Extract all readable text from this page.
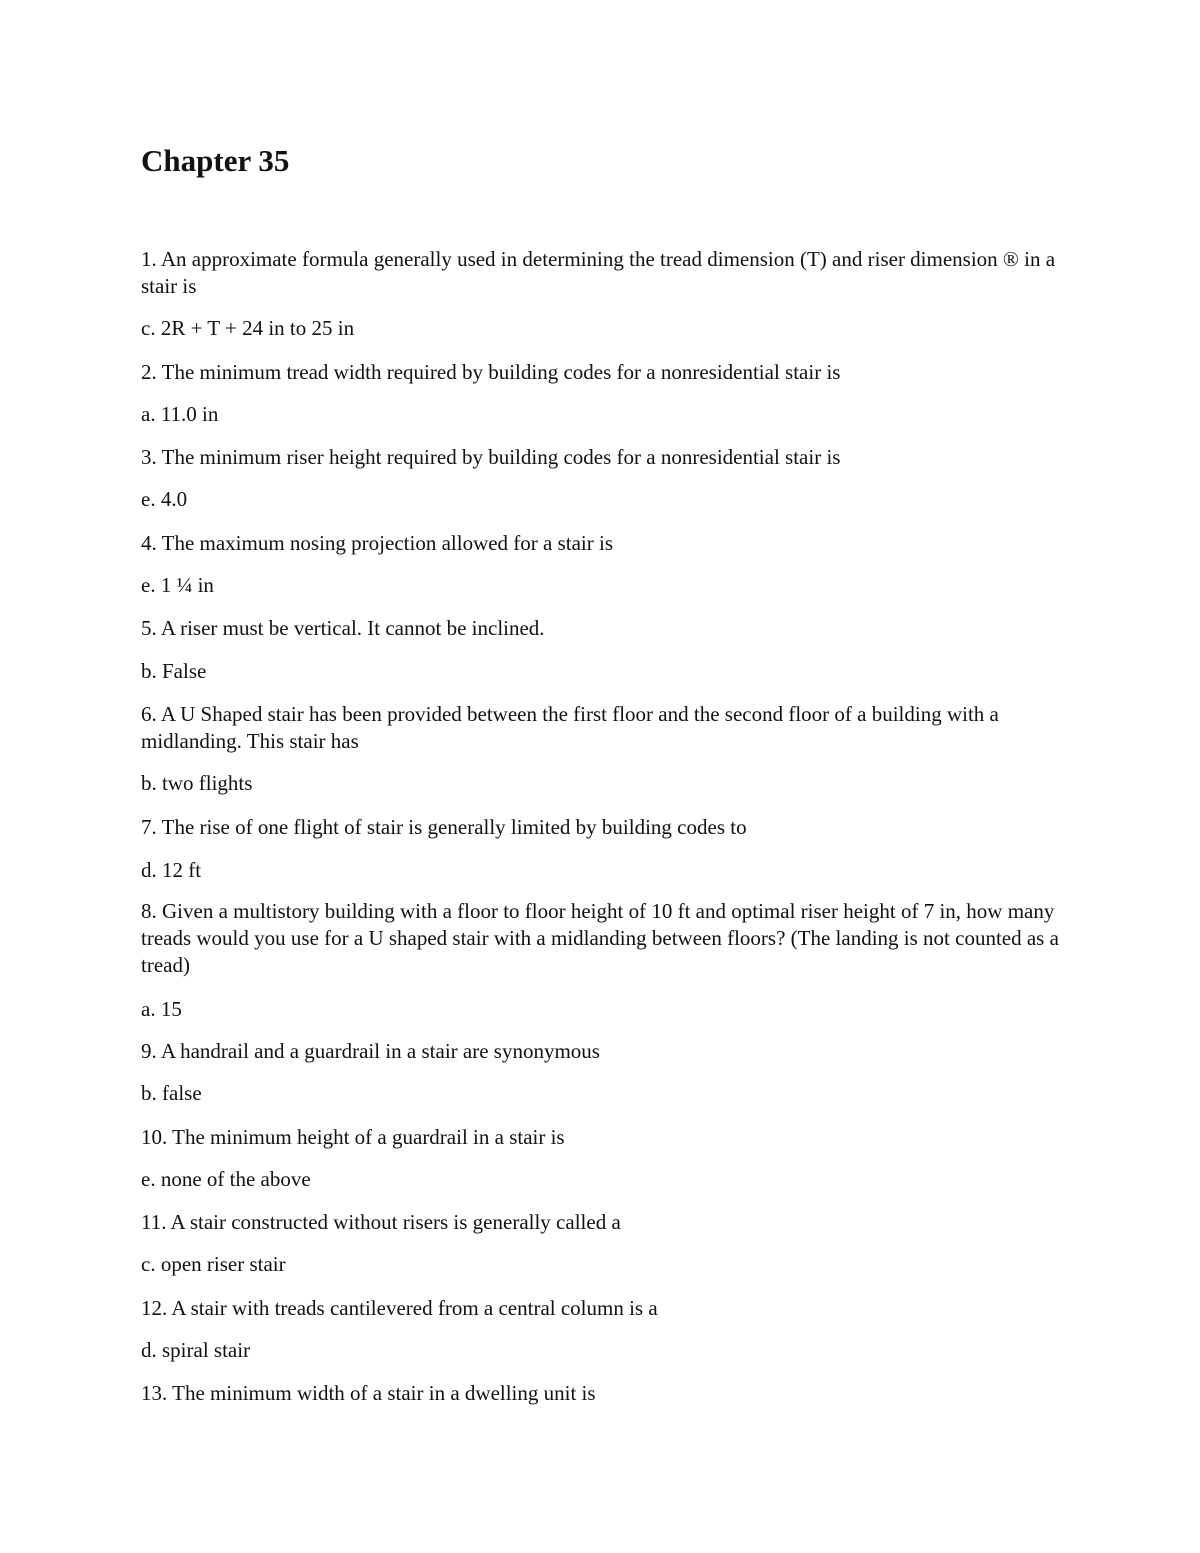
Chapter 35

1. An approximate formula generally used in determining the tread dimension (T) and riser dimension ® in a stair is

c. 2R + T + 24 in to 25 in

2. The minimum tread width required by building codes for a nonresidential stair is

a. 11.0 in

3. The minimum riser height required by building codes for a nonresidential stair is

e. 4.0

4. The maximum nosing projection allowed for a stair is

e. 1 ¼ in

5. A riser must be vertical. It cannot be inclined.

b. False

6. A U Shaped stair has been provided between the first floor and the second floor of a building with a midlanding. This stair has

b. two flights

7. The rise of one flight of stair is generally limited by building codes to

d. 12 ft

8. Given a multistory building with a floor to floor height of 10 ft and optimal riser height of 7 in, how many treads would you use for a U shaped stair with a midlanding between floors? (The landing is not counted as a tread)

a. 15

9. A handrail and a guardrail in a stair are synonymous

b. false

10. The minimum height of a guardrail in a stair is

e. none of the above

11. A stair constructed without risers is generally called a

c. open riser stair

12. A stair with treads cantilevered from a central column is a

d. spiral stair

13. The minimum width of a stair in a dwelling unit is
